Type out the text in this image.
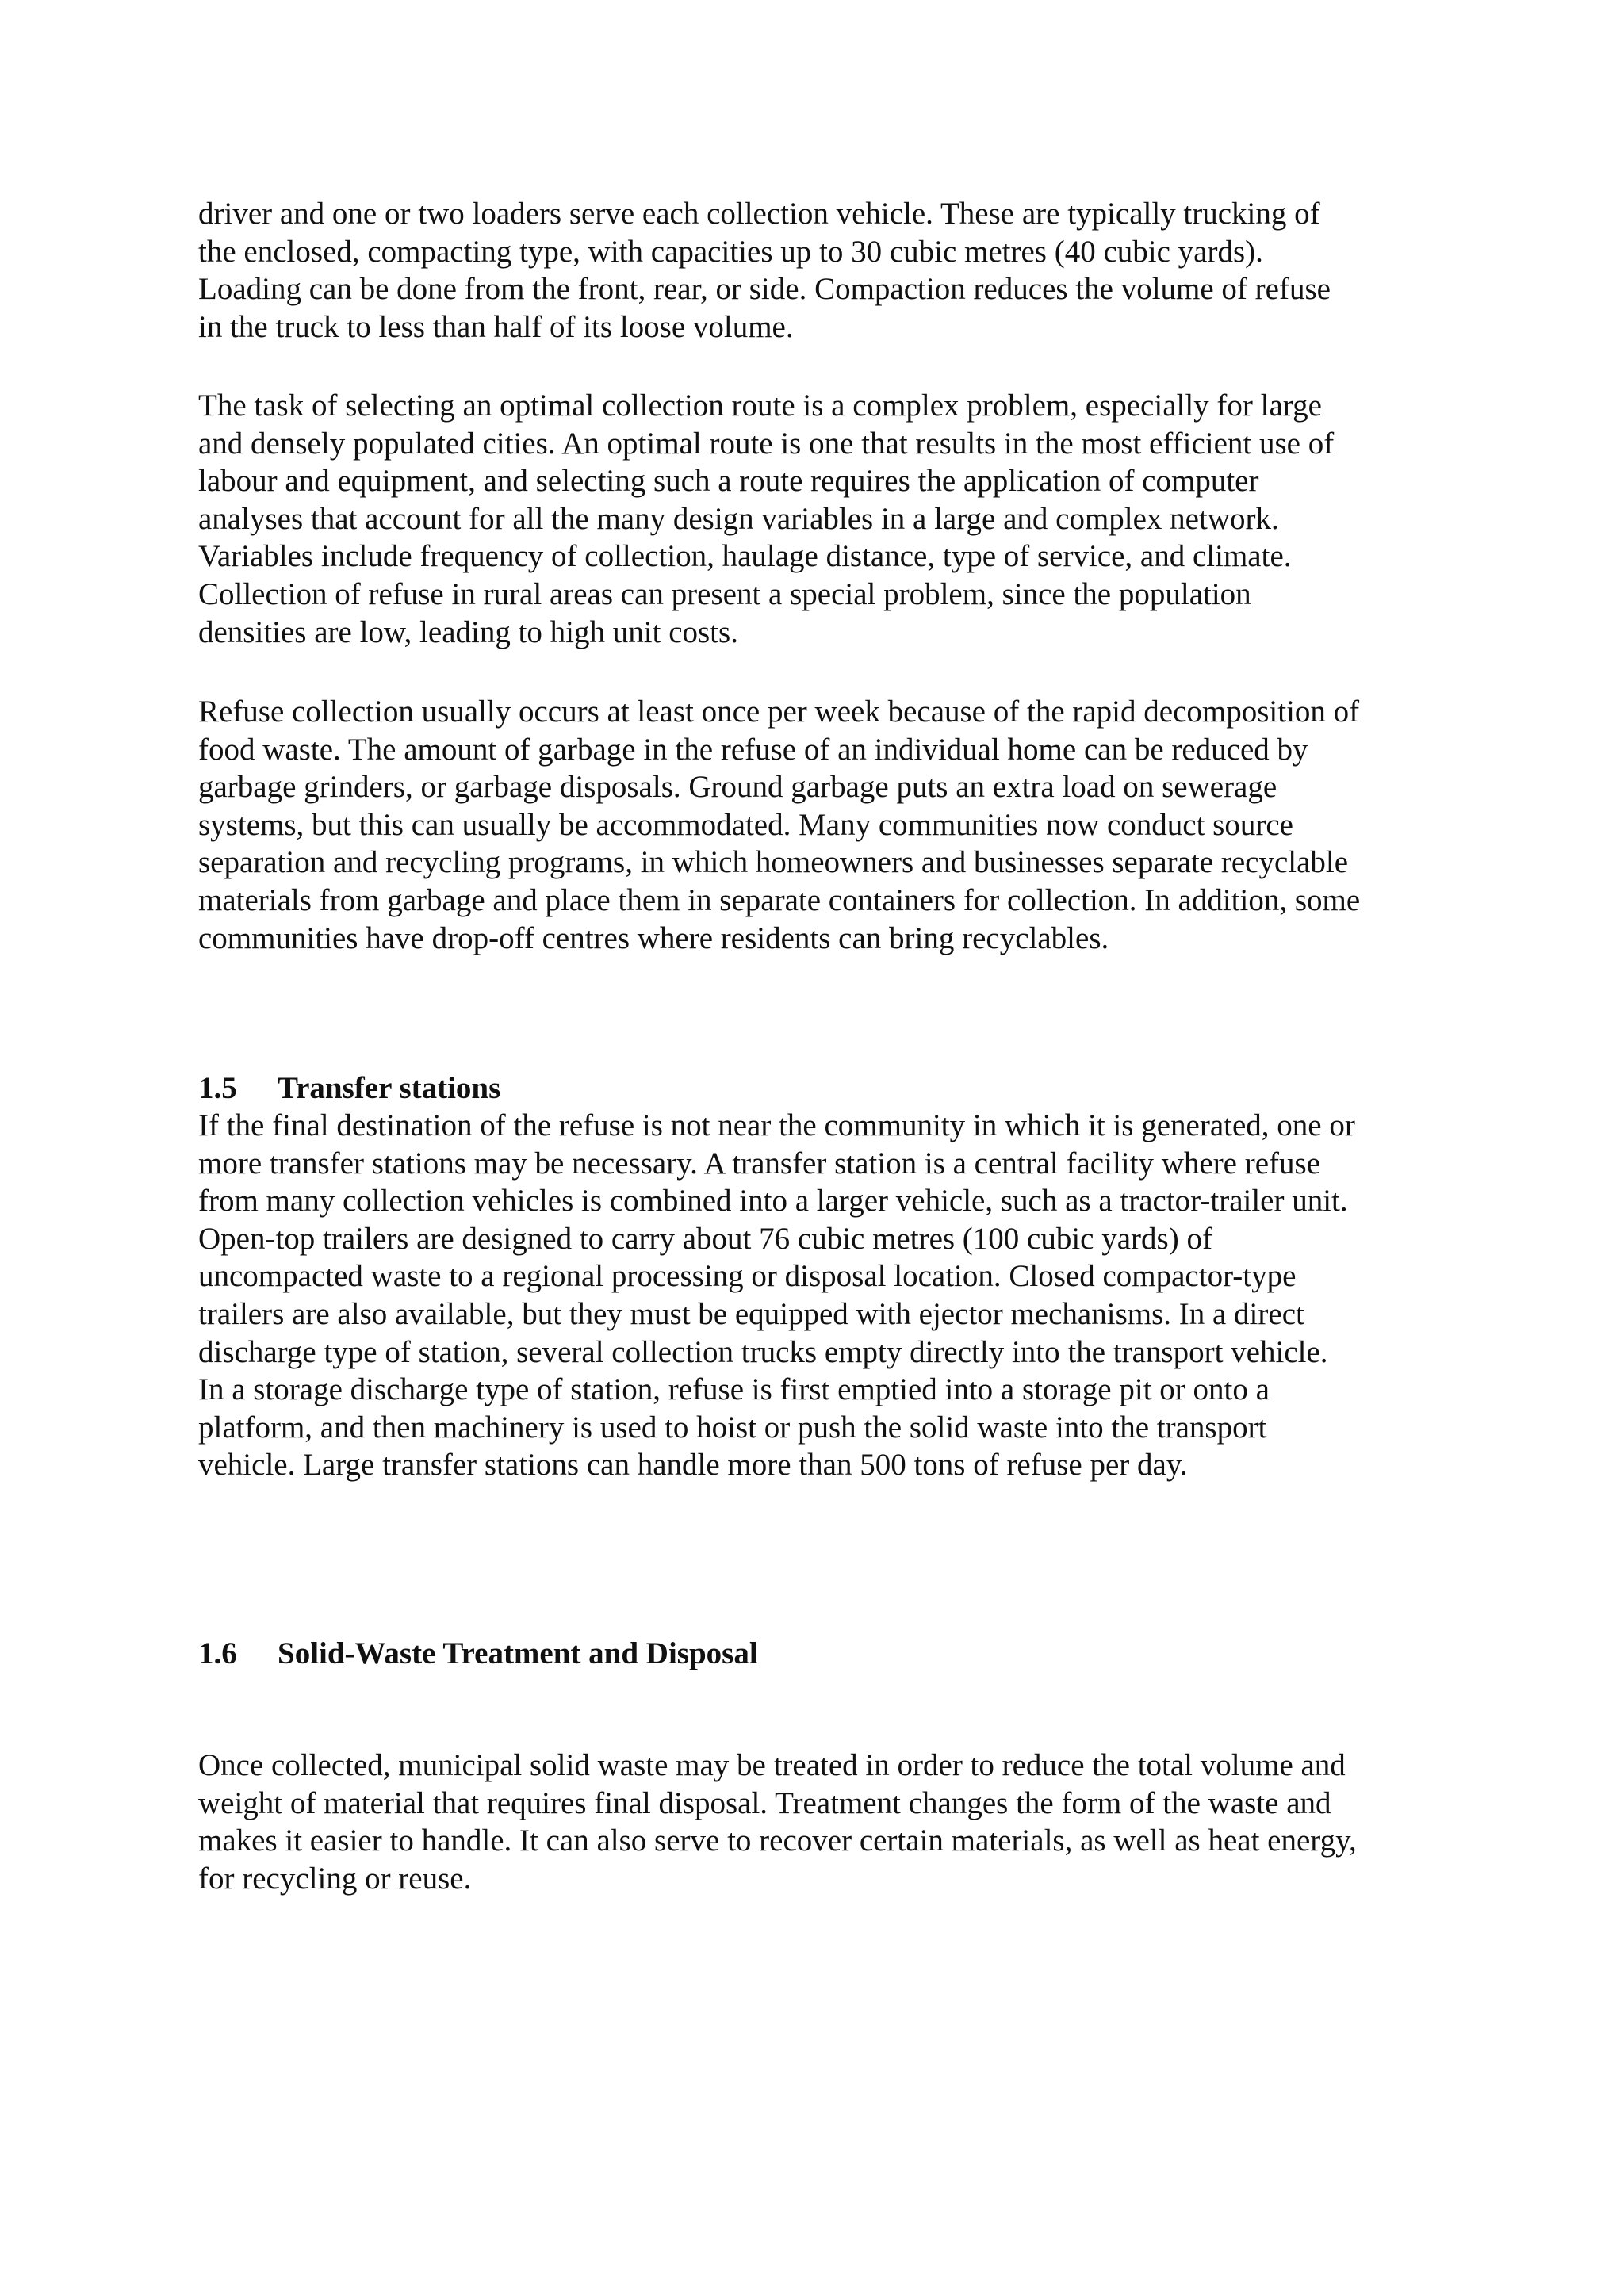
driver and one or two loaders serve each collection vehicle. These are typically trucking of
the enclosed, compacting type, with capacities up to 30 cubic metres (40 cubic yards).
Loading can be done from the front, rear, or side. Compaction reduces the volume of refuse
in the truck to less than half of its loose volume.

The task of selecting an optimal collection route is a complex problem, especially for large
and densely populated cities. An optimal route is one that results in the most efficient use of
labour and equipment, and selecting such a route requires the application of computer
analyses that account for all the many design variables in a large and complex network.
Variables include frequency of collection, haulage distance, type of service, and climate.
Collection of refuse in rural areas can present a special problem, since the population
densities are low, leading to high unit costs.

Refuse collection usually occurs at least once per week because of the rapid decomposition of
food waste. The amount of garbage in the refuse of an individual home can be reduced by
garbage grinders, or garbage disposals. Ground garbage puts an extra load on sewerage
systems, but this can usually be accommodated. Many communities now conduct source
separation and recycling programs, in which homeowners and businesses separate recyclable
materials from garbage and place them in separate containers for collection. In addition, some
communities have drop-off centres where residents can bring recyclables.

1.5 Transfer stations

If the final destination of the refuse is not near the community in which it is generated, one or
more transfer stations may be necessary. A transfer station is a central facility where refuse
from many collection vehicles is combined into a larger vehicle, such as a tractor-trailer unit.
Open-top trailers are designed to carry about 76 cubic metres (100 cubic yards) of
uncompacted waste to a regional processing or disposal location. Closed compactor-type
trailers are also available, but they must be equipped with ejector mechanisms. In a direct
discharge type of station, several collection trucks empty directly into the transport vehicle.
In a storage discharge type of station, refuse is first emptied into a storage pit or onto a
platform, and then machinery is used to hoist or push the solid waste into the transport
vehicle. Large transfer stations can handle more than 500 tons of refuse per day.

1.6 Solid-Waste Treatment and Disposal

Once collected, municipal solid waste may be treated in order to reduce the total volume and
weight of material that requires final disposal. Treatment changes the form of the waste and
makes it easier to handle. It can also serve to recover certain materials, as well as heat energy,
for recycling or reuse.
